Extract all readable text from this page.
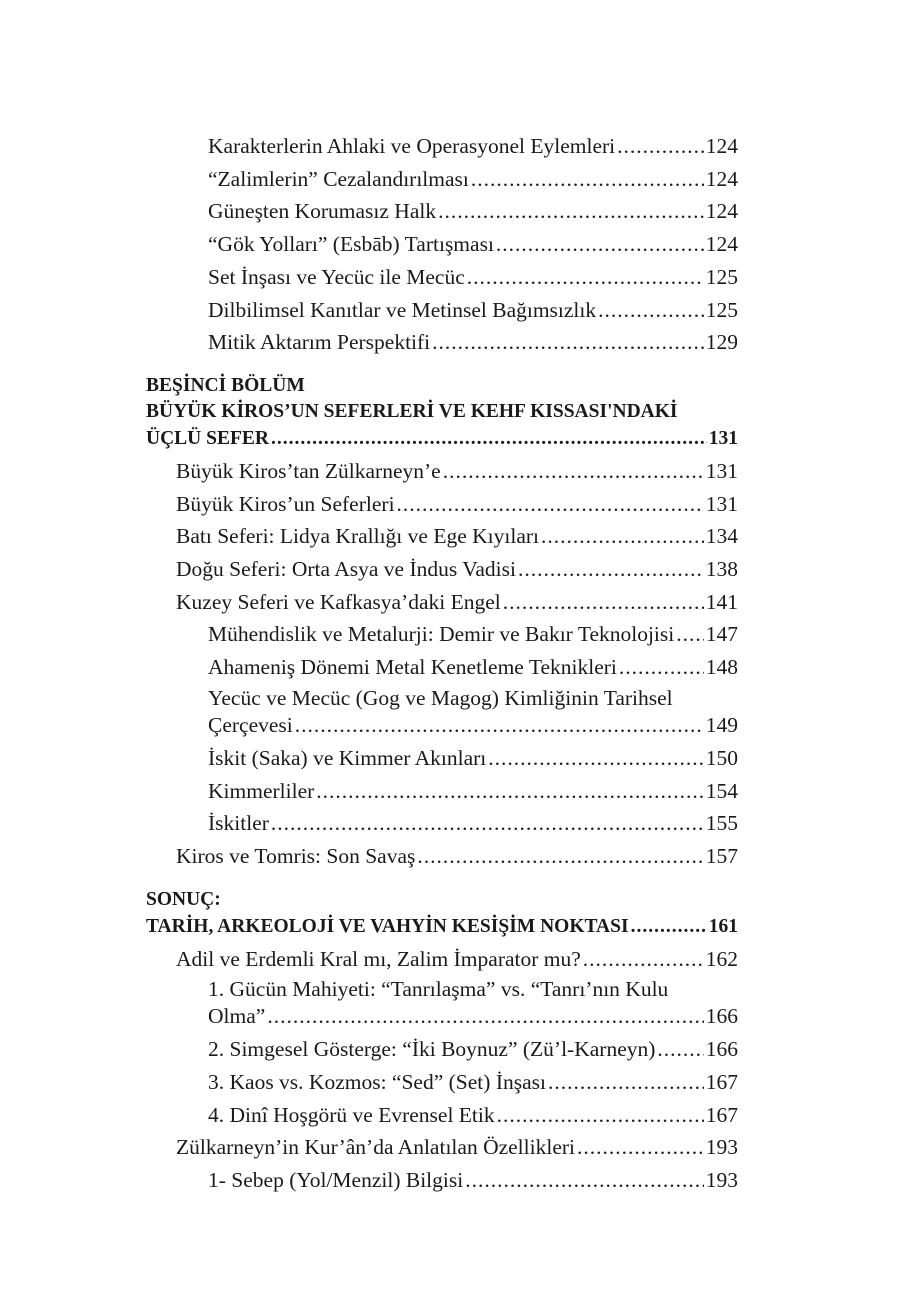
Karakterlerin Ahlaki ve Operasyonel Eylemleri .....	124
“Zalimlerin” Cezalandırılması .....	124
Güneşten Korumasız Halk .....	124
“Gök Yolları” (Esbāb) Tartışması .....	124
Set İnşası ve Yecüc ile Mecüc .....	125
Dilbilimsel Kanıtlar ve Metinsel Bağımsızlık .....	125
Mitik Aktarım Perspektifi .....	129
BEŞİNCİ BÖLÜM
BÜYÜK KİROS’UN SEFERLERİ VE KEHF KISSASI'NDAKİ
ÜÇLÜ SEFER .....	131
Büyük Kiros’tan Zülkarneyn’e .....	131
Büyük Kiros’un Seferleri .....	131
Batı Seferi: Lidya Krallığı ve Ege Kıyıları .....	134
Doğu Seferi: Orta Asya ve İndus Vadisi .....	138
Kuzey Seferi ve Kafkasya’daki Engel .....	141
Mühendislik ve Metalurji: Demir ve Bakır Teknolojisi ..... 147
Ahameniş Dönemi Metal Kenetleme Teknikleri .....	148
Yecüc ve Mecüc (Gog ve Magog) Kimliğinin Tarihsel
Çerçevesi .....	149
İskit (Saka) ve Kimmer Akınları .....	150
Kimmerliler .....	154
İskitler .....	155
Kiros ve Tomris: Son Savaş .....	157
SONUÇ:
TARİH, ARKEOLOJİ VE VAHYİN KESİŞİM NOKTASI .....	161
Adil ve Erdemli Kral mı, Zalim İmparator mu? .....	162
1. Gücün Mahiyeti: “Tanrılaşma” vs. “Tanrı’nın Kulu
Olma” .....	166
2. Simgesel Gösterge: “İki Boynuz” (Zü’l-Karneyn) ..... 166
3. Kaos vs. Kozmos: “Sed” (Set) İnşası .....	167
4. Dinî Hoşgörü ve Evrensel Etik .....	167
Zülkarneyn’in Kur’ân’da Anlatılan Özellikleri .....	193
1- Sebep (Yol/Menzil) Bilgisi .....	193
